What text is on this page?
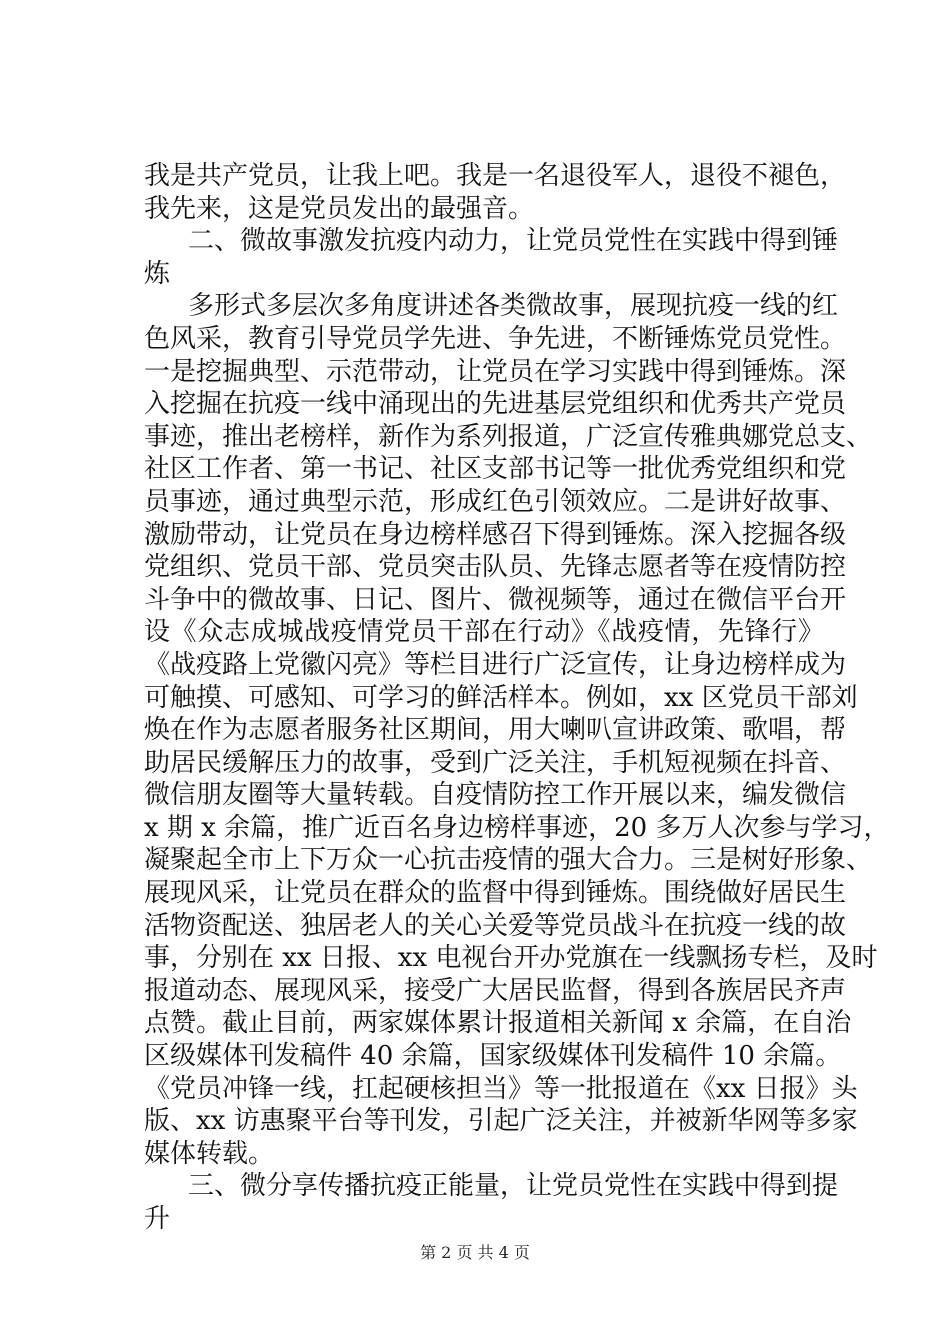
我是共产党员，让我上吧。我是一名退役军人，退役不褪色，
我先来，这是党员发出的最强音。
二、微故事激发抗疫内动力，让党员党性在实践中得到锤
炼
多形式多层次多角度讲述各类微故事，展现抗疫一线的红
色风采，教育引导党员学先进、争先进，不断锤炼党员党性。
一是挖掘典型、示范带动，让党员在学习实践中得到锤炼。深
入挖掘在抗疫一线中涌现出的先进基层党组织和优秀共产党员
事迹，推出老榜样，新作为系列报道，广泛宣传雅典娜党总支、
社区工作者、第一书记、社区支部书记等一批优秀党组织和党
员事迹，通过典型示范，形成红色引领效应。二是讲好故事、
激励带动，让党员在身边榜样感召下得到锤炼。深入挖掘各级
党组织、党员干部、党员突击队员、先锋志愿者等在疫情防控
斗争中的微故事、日记、图片、微视频等，通过在微信平台开
设《众志成城战疫情党员干部在行动》《战疫情，先锋行》
《战疫路上党徽闪亮》等栏目进行广泛宣传，让身边榜样成为
可触摸、可感知、可学习的鲜活样本。例如，xx 区党员干部刘
焕在作为志愿者服务社区期间，用大喇叭宣讲政策、歌唱，帮
助居民缓解压力的故事，受到广泛关注，手机短视频在抖音、
微信朋友圈等大量转载。自疫情防控工作开展以来，编发微信
x 期 x 余篇，推广近百名身边榜样事迹，20 多万人次参与学习，
凝聚起全市上下万众一心抗击疫情的强大合力。三是树好形象、
展现风采，让党员在群众的监督中得到锤炼。围绕做好居民生
活物资配送、独居老人的关心关爱等党员战斗在抗疫一线的故
事，分别在 xx 日报、xx 电视台开办党旗在一线飘扬专栏，及时
报道动态、展现风采，接受广大居民监督，得到各族居民齐声
点赞。截止目前，两家媒体累计报道相关新闻 x 余篇，在自治
区级媒体刊发稿件 40 余篇，国家级媒体刊发稿件 10 余篇。
《党员冲锋一线，扛起硬核担当》等一批报道在《xx 日报》头
版、xx 访惠聚平台等刊发，引起广泛关注，并被新华网等多家
媒体转载。
三、微分享传播抗疫正能量，让党员党性在实践中得到提
升
第 2 页 共 4 页
